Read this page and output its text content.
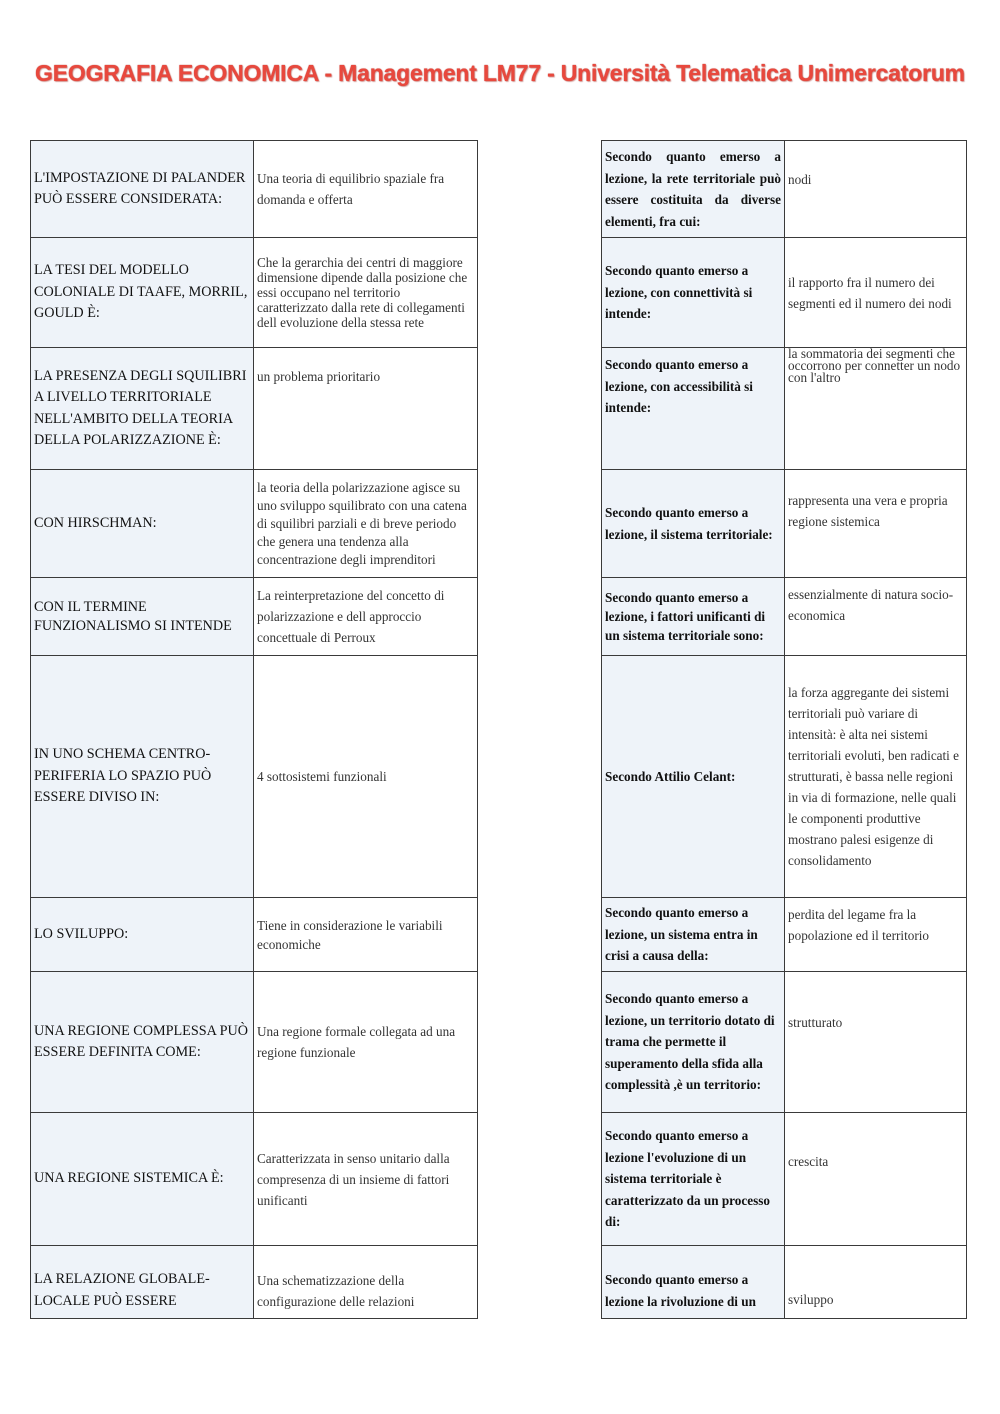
GEOGRAFIA ECONOMICA - Management LM77 - Università Telematica Unimercatorum
L'IMPOSTAZIONE DI PALANDER PUÒ ESSERE CONSIDERATA:	Una teoria di equilibrio spaziale fra domanda e offerta
LA TESI DEL MODELLO COLONIALE DI TAAFE, MORRIL, GOULD È:	Che la gerarchia dei centri di maggiore dimensione dipende dalla posizione che essi occupano nel territorio caratterizzato dalla rete di collegamenti dell evoluzione della stessa rete
LA PRESENZA DEGLI SQUILIBRI A LIVELLO TERRITORIALE NELL'AMBITO DELLA TEORIA DELLA POLARIZZAZIONE È:	un problema prioritario
CON HIRSCHMAN:	la teoria della polarizzazione agisce su uno sviluppo squilibrato con una catena di squilibri parziali e di breve periodo che genera una tendenza alla concentrazione degli imprenditori
CON IL TERMINE FUNZIONALISMO SI INTENDE	La reinterpretazione del concetto di polarizzazione e dell approccio concettuale di Perroux
IN UNO SCHEMA CENTRO-PERIFERIA LO SPAZIO PUÒ ESSERE DIVISO IN:	4 sottosistemi funzionali
LO SVILUPPO:	Tiene in considerazione le variabili economiche
UNA REGIONE COMPLESSA PUÒ ESSERE DEFINITA COME:	Una regione formale collegata ad una regione funzionale
UNA REGIONE SISTEMICA È:	Caratterizzata in senso unitario dalla compresenza di un insieme di fattori unificanti
LA RELAZIONE GLOBALE-LOCALE PUÒ ESSERE	Una schematizzazione della configurazione delle relazioni
Secondo quanto emerso a lezione, la rete territoriale può essere costituita da diverse elementi, fra cui:	nodi
Secondo quanto emerso a lezione, con connettività si intende:	il rapporto fra il numero dei segmenti ed il numero dei nodi
Secondo quanto emerso a lezione, con accessibilità si intende:	la sommatoria dei segmenti che occorrono per connetter un nodo con l'altro
Secondo quanto emerso a lezione, il sistema territoriale:	rappresenta una vera e propria regione sistemica
Secondo quanto emerso a lezione, i fattori unificanti di un sistema territoriale sono:	essenzialmente di natura socio- economica
Secondo Attilio Celant:	la forza aggregante dei sistemi territoriali può variare di intensità: è alta nei sistemi territoriali evoluti, ben radicati e strutturati, è bassa nelle regioni in via di formazione, nelle quali le componenti produttive mostrano palesi esigenze di consolidamento
Secondo quanto emerso a lezione, un sistema entra in crisi a causa della:	perdita del legame fra la popolazione ed il territorio
Secondo quanto emerso a lezione, un territorio dotato di trama che permette il superamento della sfida alla complessità ,è un territorio:	strutturato
Secondo quanto emerso a lezione l'evoluzione di un sistema territoriale è caratterizzato da un processo di:	crescita
Secondo quanto emerso a lezione la rivoluzione di un	sviluppo
